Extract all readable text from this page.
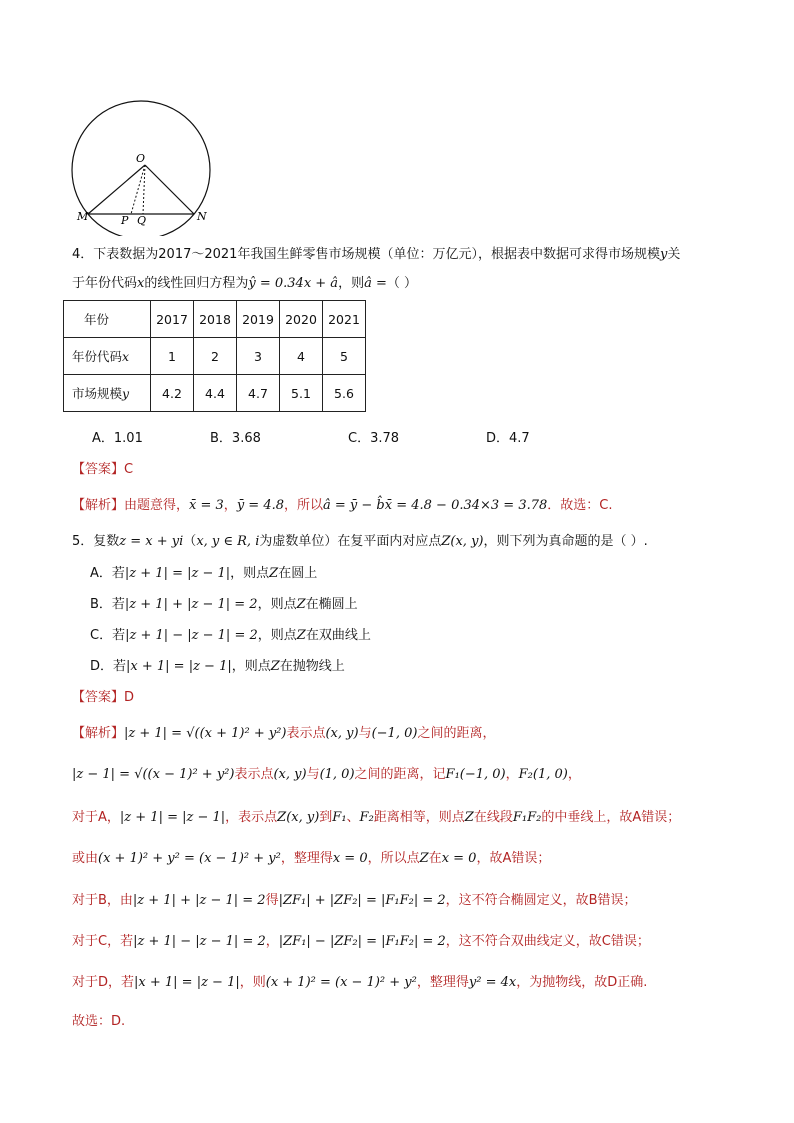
O
M	P Q	N
4．下表数据为2017～2021年我国生鲜零售市场规模（单位：万亿元），根据表中数据可求得市场规模y关
于年份代码x的线性回归方程为ŷ = 0.34x + â，则â =（ ）
年份	2017	2018	2019	2020	2021
年份代码x	1	2	3	4	5
市场规模y	4.2	4.4	4.7	5.1	5.6
A．1.01	B．3.68	C．3.78	D．4.7
【答案】C
【解析】由题意得，x̄ = 3，ȳ = 4.8，所以â = ȳ − b̂x̄ = 4.8 − 0.34×3 = 3.78．故选：C.
5．复数z = x + yi（x, y ∈ R, i为虚数单位）在复平面内对应点Z(x, y)，则下列为真命题的是（ ）.
A．若|z + 1| = |z − 1|，则点Z在圆上
B．若|z + 1| + |z − 1| = 2，则点Z在椭圆上
C．若|z + 1| − |z − 1| = 2，则点Z在双曲线上
D．若|x + 1| = |z − 1|，则点Z在抛物线上
【答案】D
【解析】|z + 1| = √((x + 1)² + y²)表示点(x, y)与(−1, 0)之间的距离，
|z − 1| = √((x − 1)² + y²)表示点(x, y)与(1, 0)之间的距离，记F₁(−1, 0)，F₂(1, 0)，
对于A，|z + 1| = |z − 1|，表示点Z(x, y)到F₁、F₂距离相等，则点Z在线段F₁F₂的中垂线上，故A错误；
或由(x + 1)² + y² = (x − 1)² + y²，整理得x = 0，所以点Z在x = 0，故A错误；
对于B，由|z + 1| + |z − 1| = 2得|ZF₁| + |ZF₂| = |F₁F₂| = 2，这不符合椭圆定义，故B错误；
对于C，若|z + 1| − |z − 1| = 2，|ZF₁| − |ZF₂| = |F₁F₂| = 2，这不符合双曲线定义，故C错误；
对于D，若|x + 1| = |z − 1|，则(x + 1)² = (x − 1)² + y²，整理得y² = 4x，为抛物线，故D正确.
故选：D.
